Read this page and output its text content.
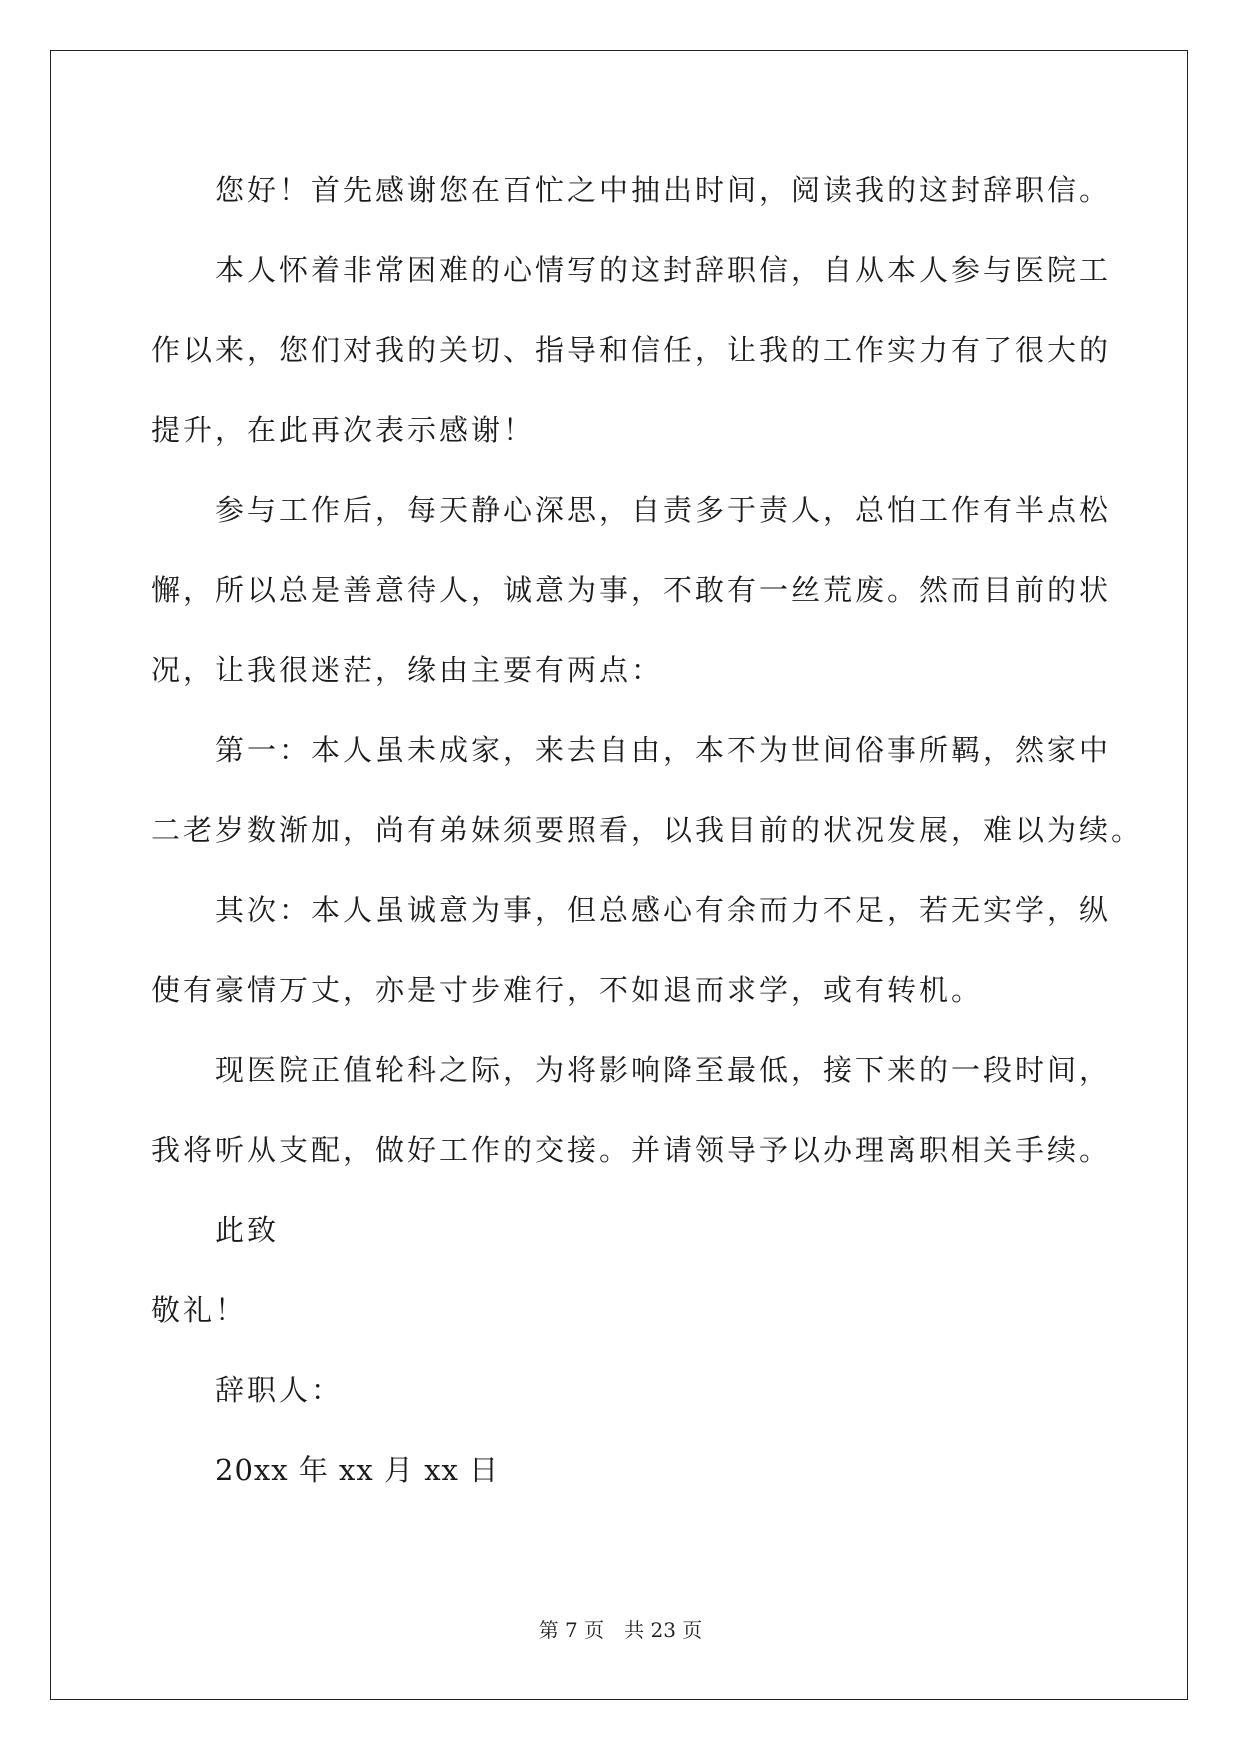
您好！首先感谢您在百忙之中抽出时间，阅读我的这封辞职信。
本人怀着非常困难的心情写的这封辞职信，自从本人参与医院工
作以来，您们对我的关切、指导和信任，让我的工作实力有了很大的
提升，在此再次表示感谢！
参与工作后，每天静心深思，自责多于责人，总怕工作有半点松
懈，所以总是善意待人，诚意为事，不敢有一丝荒废。然而目前的状
况，让我很迷茫，缘由主要有两点：
第一：本人虽未成家，来去自由，本不为世间俗事所羁，然家中
二老岁数渐加，尚有弟妹须要照看，以我目前的状况发展，难以为续。
其次：本人虽诚意为事，但总感心有余而力不足，若无实学，纵
使有豪情万丈，亦是寸步难行，不如退而求学，或有转机。
现医院正值轮科之际，为将影响降至最低，接下来的一段时间，
我将听从支配，做好工作的交接。并请领导予以办理离职相关手续。
此致
敬礼！
辞职人：
20xx 年 xx 月 xx 日
第 7 页 共 23 页
